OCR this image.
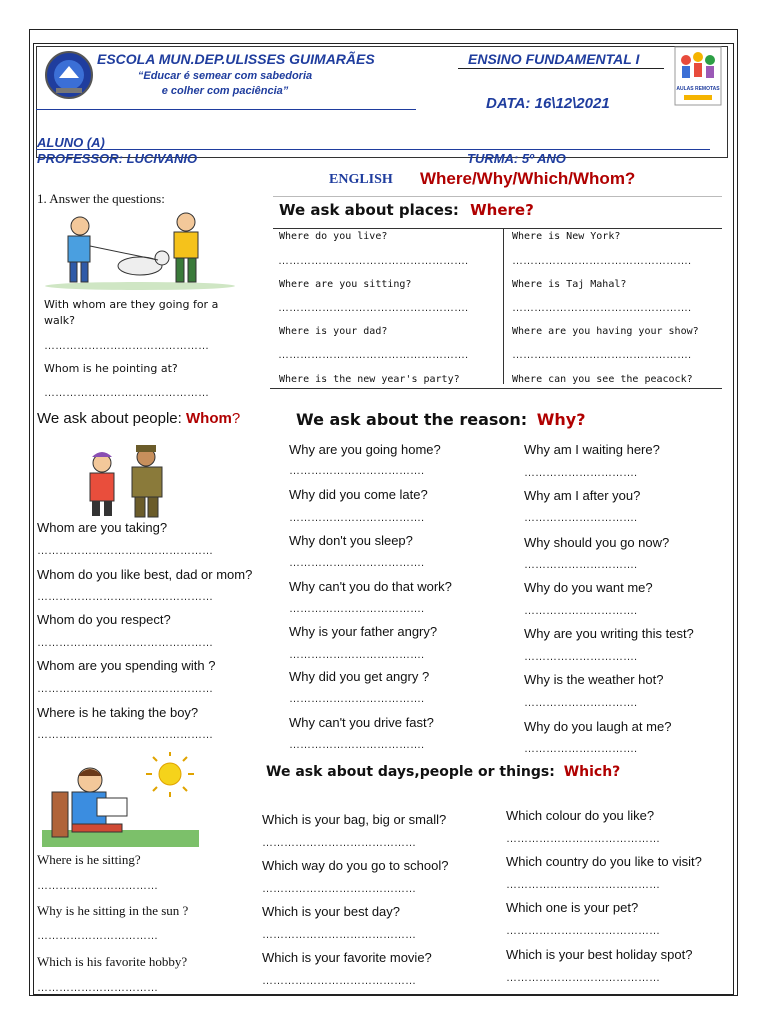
ESCOLA MUN.DEP.ULISSES GUIMARÃES
“Educar é semear com sabedoria
e colher com paciência”
ENSINO FUNDAMENTAL I
DATA: 16\12\2021
AULAS REMOTAS
ALUNO (A)
PROFESSOR: LUCIVANIO	TURMA: 5º ANO
ENGLISH Where/Why/Which/Whom?
1. Answer the questions:
With whom are they going for a walk?
………………………………………
Whom is he pointing at?
………………………………………
We ask about places: Where?
Where do you live?
…………………………………………….
Where are you sitting?
…………………………………………….
Where is your dad?
…………………………………………….
Where is the new year's party?
Where is New York?
………………………………………….
Where is Taj Mahal?
………………………………………….
Where are you having your show?
………………………………………….
Where can you see the peacock?
We ask about people: Whom?
Whom are you taking?
…………………………………………
Whom do you like best, dad or mom?
…………………………………………
Whom do you respect?
…………………………………………
Whom are you spending with ?
…………………………………………
Where is he taking the boy?
…………………………………………
We ask about the reason: Why?
Why are you going home?
……………………………….
Why did you come late?
……………………………….
Why don't you sleep?
……………………………….
Why can't you do that work?
……………………………….
Why is your father angry?
……………………………….
Why did you get angry ?
……………………………….
Why can't you drive fast?
……………………………….
Why am I waiting here?
………………………….
Why am I after you?
………………………….
Why should you go now?
………………………….
Why do you want me?
………………………….
Why are you writing this test?
………………………….
Why is the weather hot?
………………………….
Why do you laugh at me?
………………………….
Where is he sitting?
……………………………
Why is he sitting in the sun ?
……………………………
Which is his favorite hobby?
……………………………
We ask about days,people or things: Which?
Which is your bag, big or small?
……………………………………
Which way do you go to school?
……………………………………
Which is your best day?
……………………………………
Which is your favorite movie?
……………………………………
Which colour do you like?
……………………………………
Which country do you like to visit?
……………………………………
Which one is your pet?
……………………………………
Which is your best holiday spot?
……………………………………
